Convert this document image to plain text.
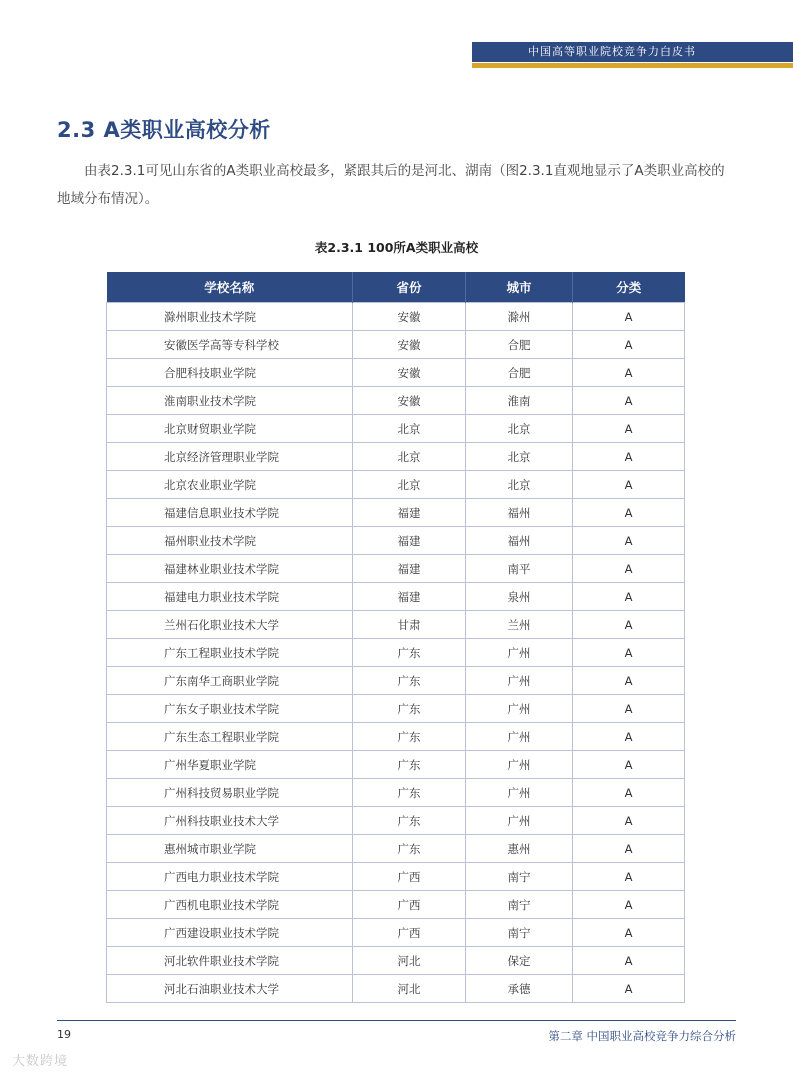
中国高等职业院校竞争力白皮书
2.3 A类职业高校分析

由表2.3.1可见山东省的A类职业高校最多，紧跟其后的是河北、湖南（图2.3.1直观地显示了A类职业高校的地域分布情况）。

表2.3.1 100所A类职业高校

学校名称	省份	城市	分类
滁州职业技术学院	安徽	滁州	A
安徽医学高等专科学校	安徽	合肥	A
合肥科技职业学院	安徽	合肥	A
淮南职业技术学院	安徽	淮南	A
北京财贸职业学院	北京	北京	A
北京经济管理职业学院	北京	北京	A
北京农业职业学院	北京	北京	A
福建信息职业技术学院	福建	福州	A
福州职业技术学院	福建	福州	A
福建林业职业技术学院	福建	南平	A
福建电力职业技术学院	福建	泉州	A
兰州石化职业技术大学	甘肃	兰州	A
广东工程职业技术学院	广东	广州	A
广东南华工商职业学院	广东	广州	A
广东女子职业技术学院	广东	广州	A
广东生态工程职业学院	广东	广州	A
广州华夏职业学院	广东	广州	A
广州科技贸易职业学院	广东	广州	A
广州科技职业技术大学	广东	广州	A
惠州城市职业学院	广东	惠州	A
广西电力职业技术学院	广西	南宁	A
广西机电职业技术学院	广西	南宁	A
广西建设职业技术学院	广西	南宁	A
河北软件职业技术学院	河北	保定	A
河北石油职业技术大学	河北	承德	A
19	第二章 中国职业高校竞争力综合分析
大数跨境
